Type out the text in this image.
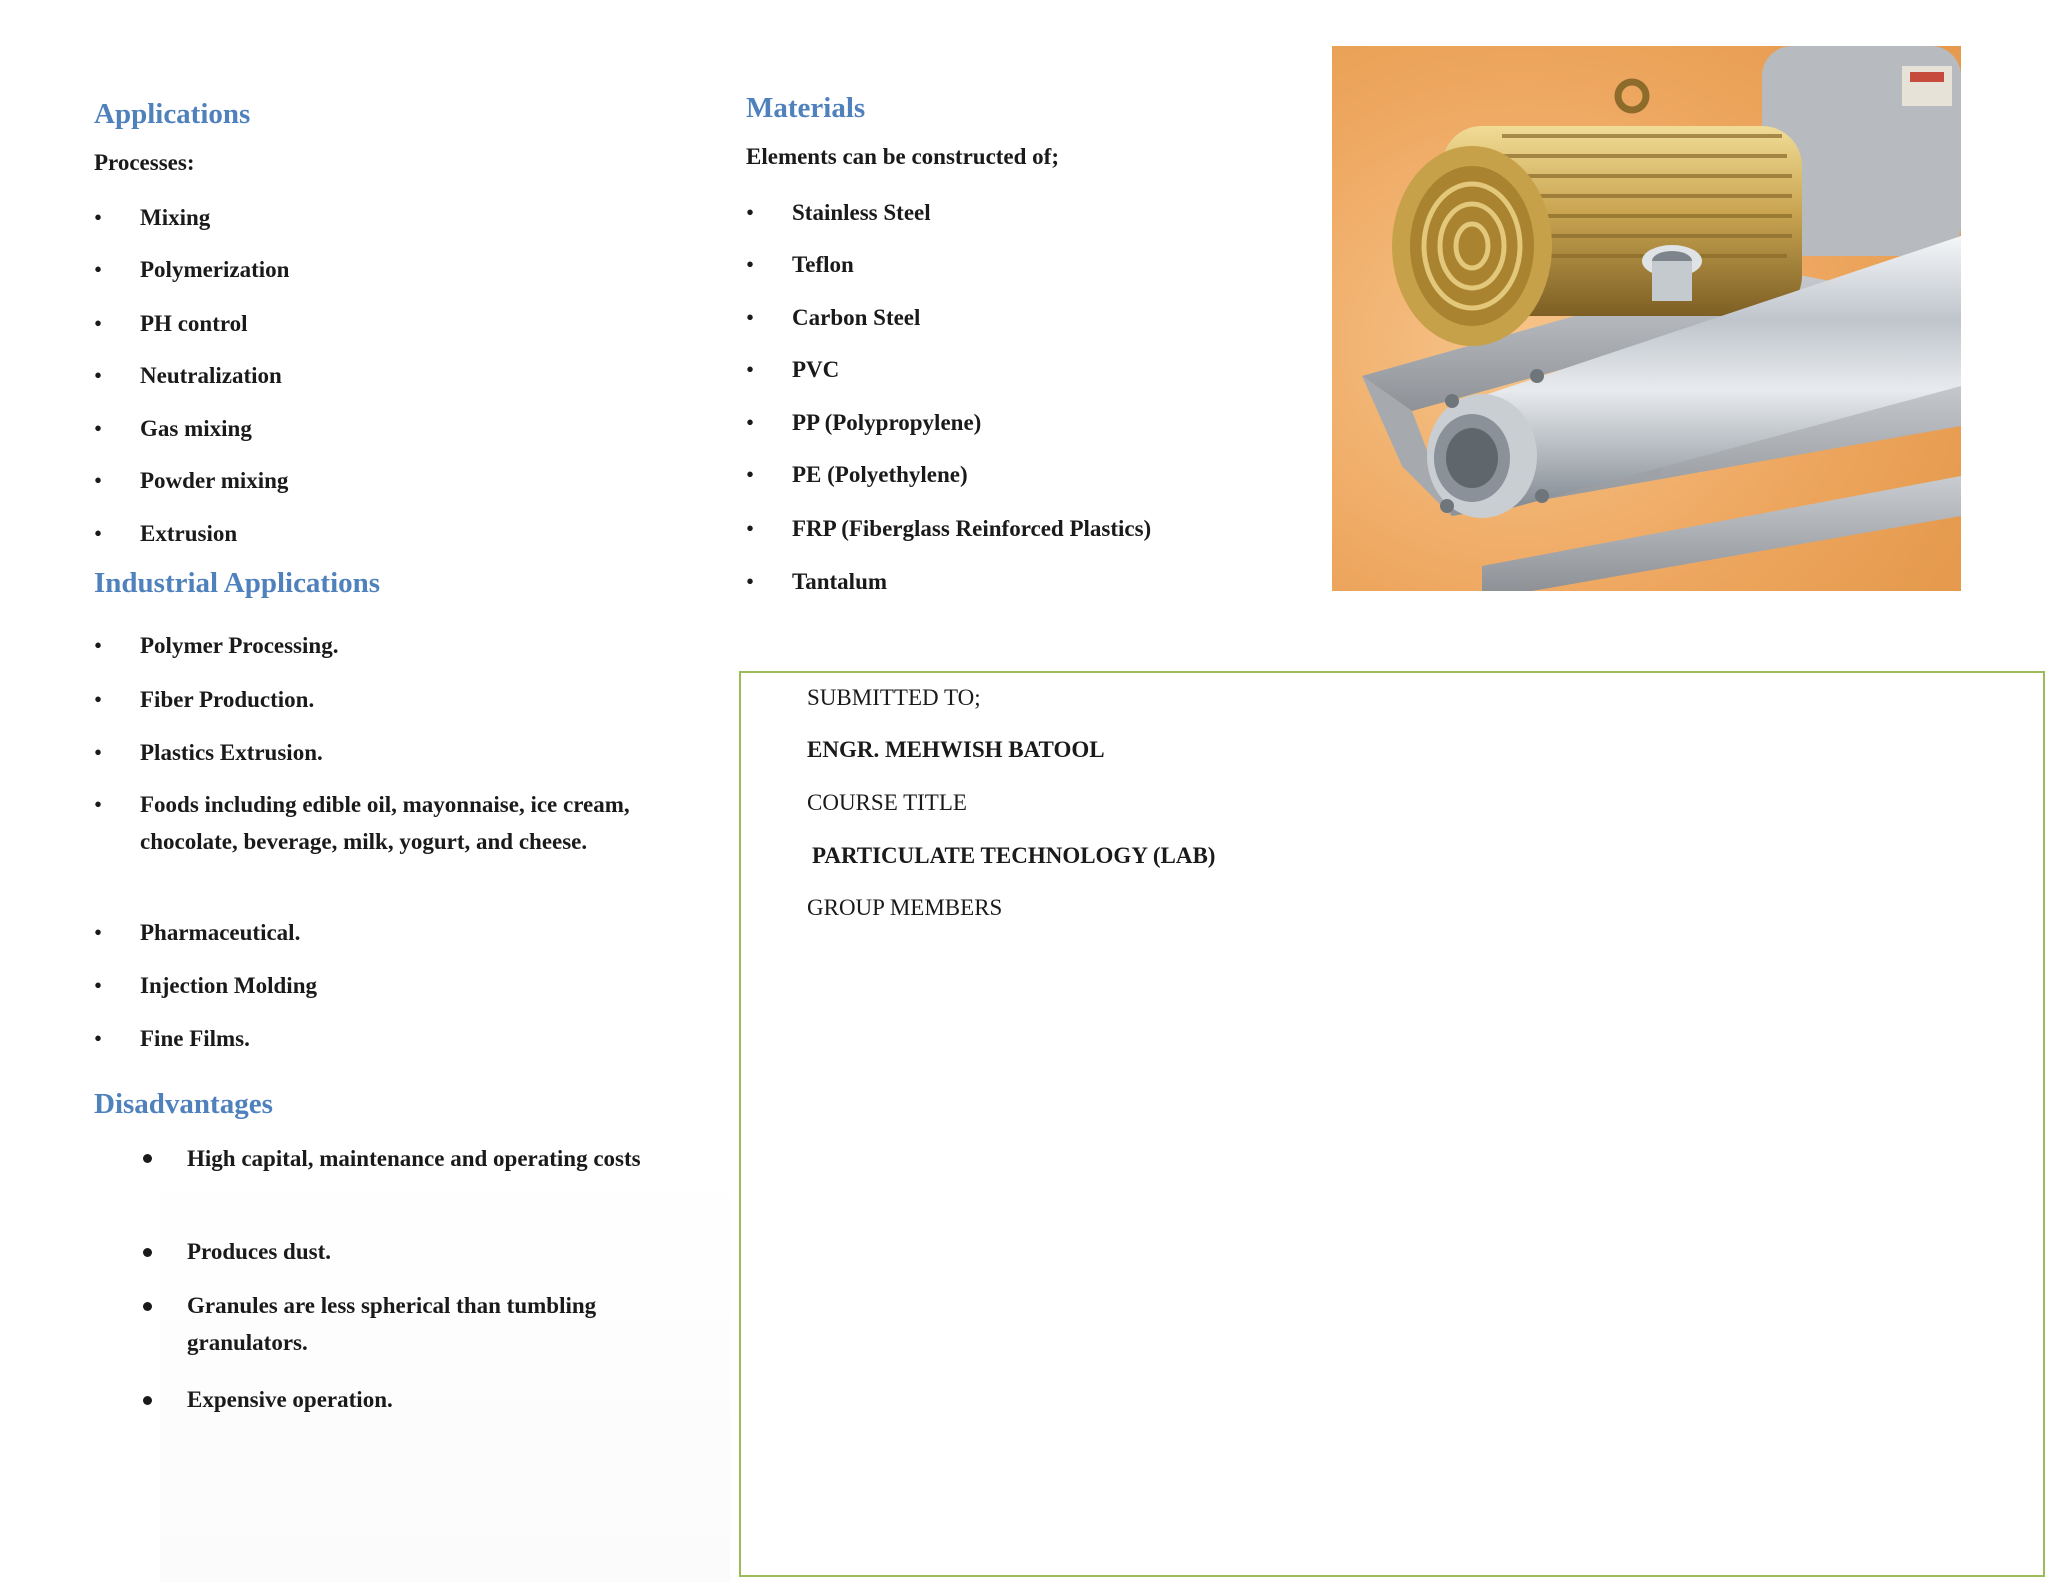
Applications

Processes:

• Mixing

• Polymerization

• PH control

• Neutralization

• Gas mixing

• Powder mixing

• Extrusion

Industrial Applications
• Polymer Processing.

• Fiber Production.

• Plastics Extrusion.

• Foods including edible oil, mayonnaise, ice cream, chocolate, beverage, milk, yogurt, and cheese.

• Pharmaceutical.

• Injection Molding

• Fine Films.

Disadvantages

High capital, maintenance and operating costs

Produces dust.

Granules are less spherical than tumbling granulators.

Expensive operation.

Materials

Elements can be constructed of;

• Stainless Steel

• Teflon

• Carbon Steel

• PVC

• PP (Polypropylene)

• PE (Polyethylene)

• FRP (Fiberglass Reinforced Plastics)

• Tantalum

SUBMITTED TO;
ENGR. MEHWISH BATOOL
COURSE TITLE
PARTICULATE TECHNOLOGY (LAB)
GROUP MEMBERS
